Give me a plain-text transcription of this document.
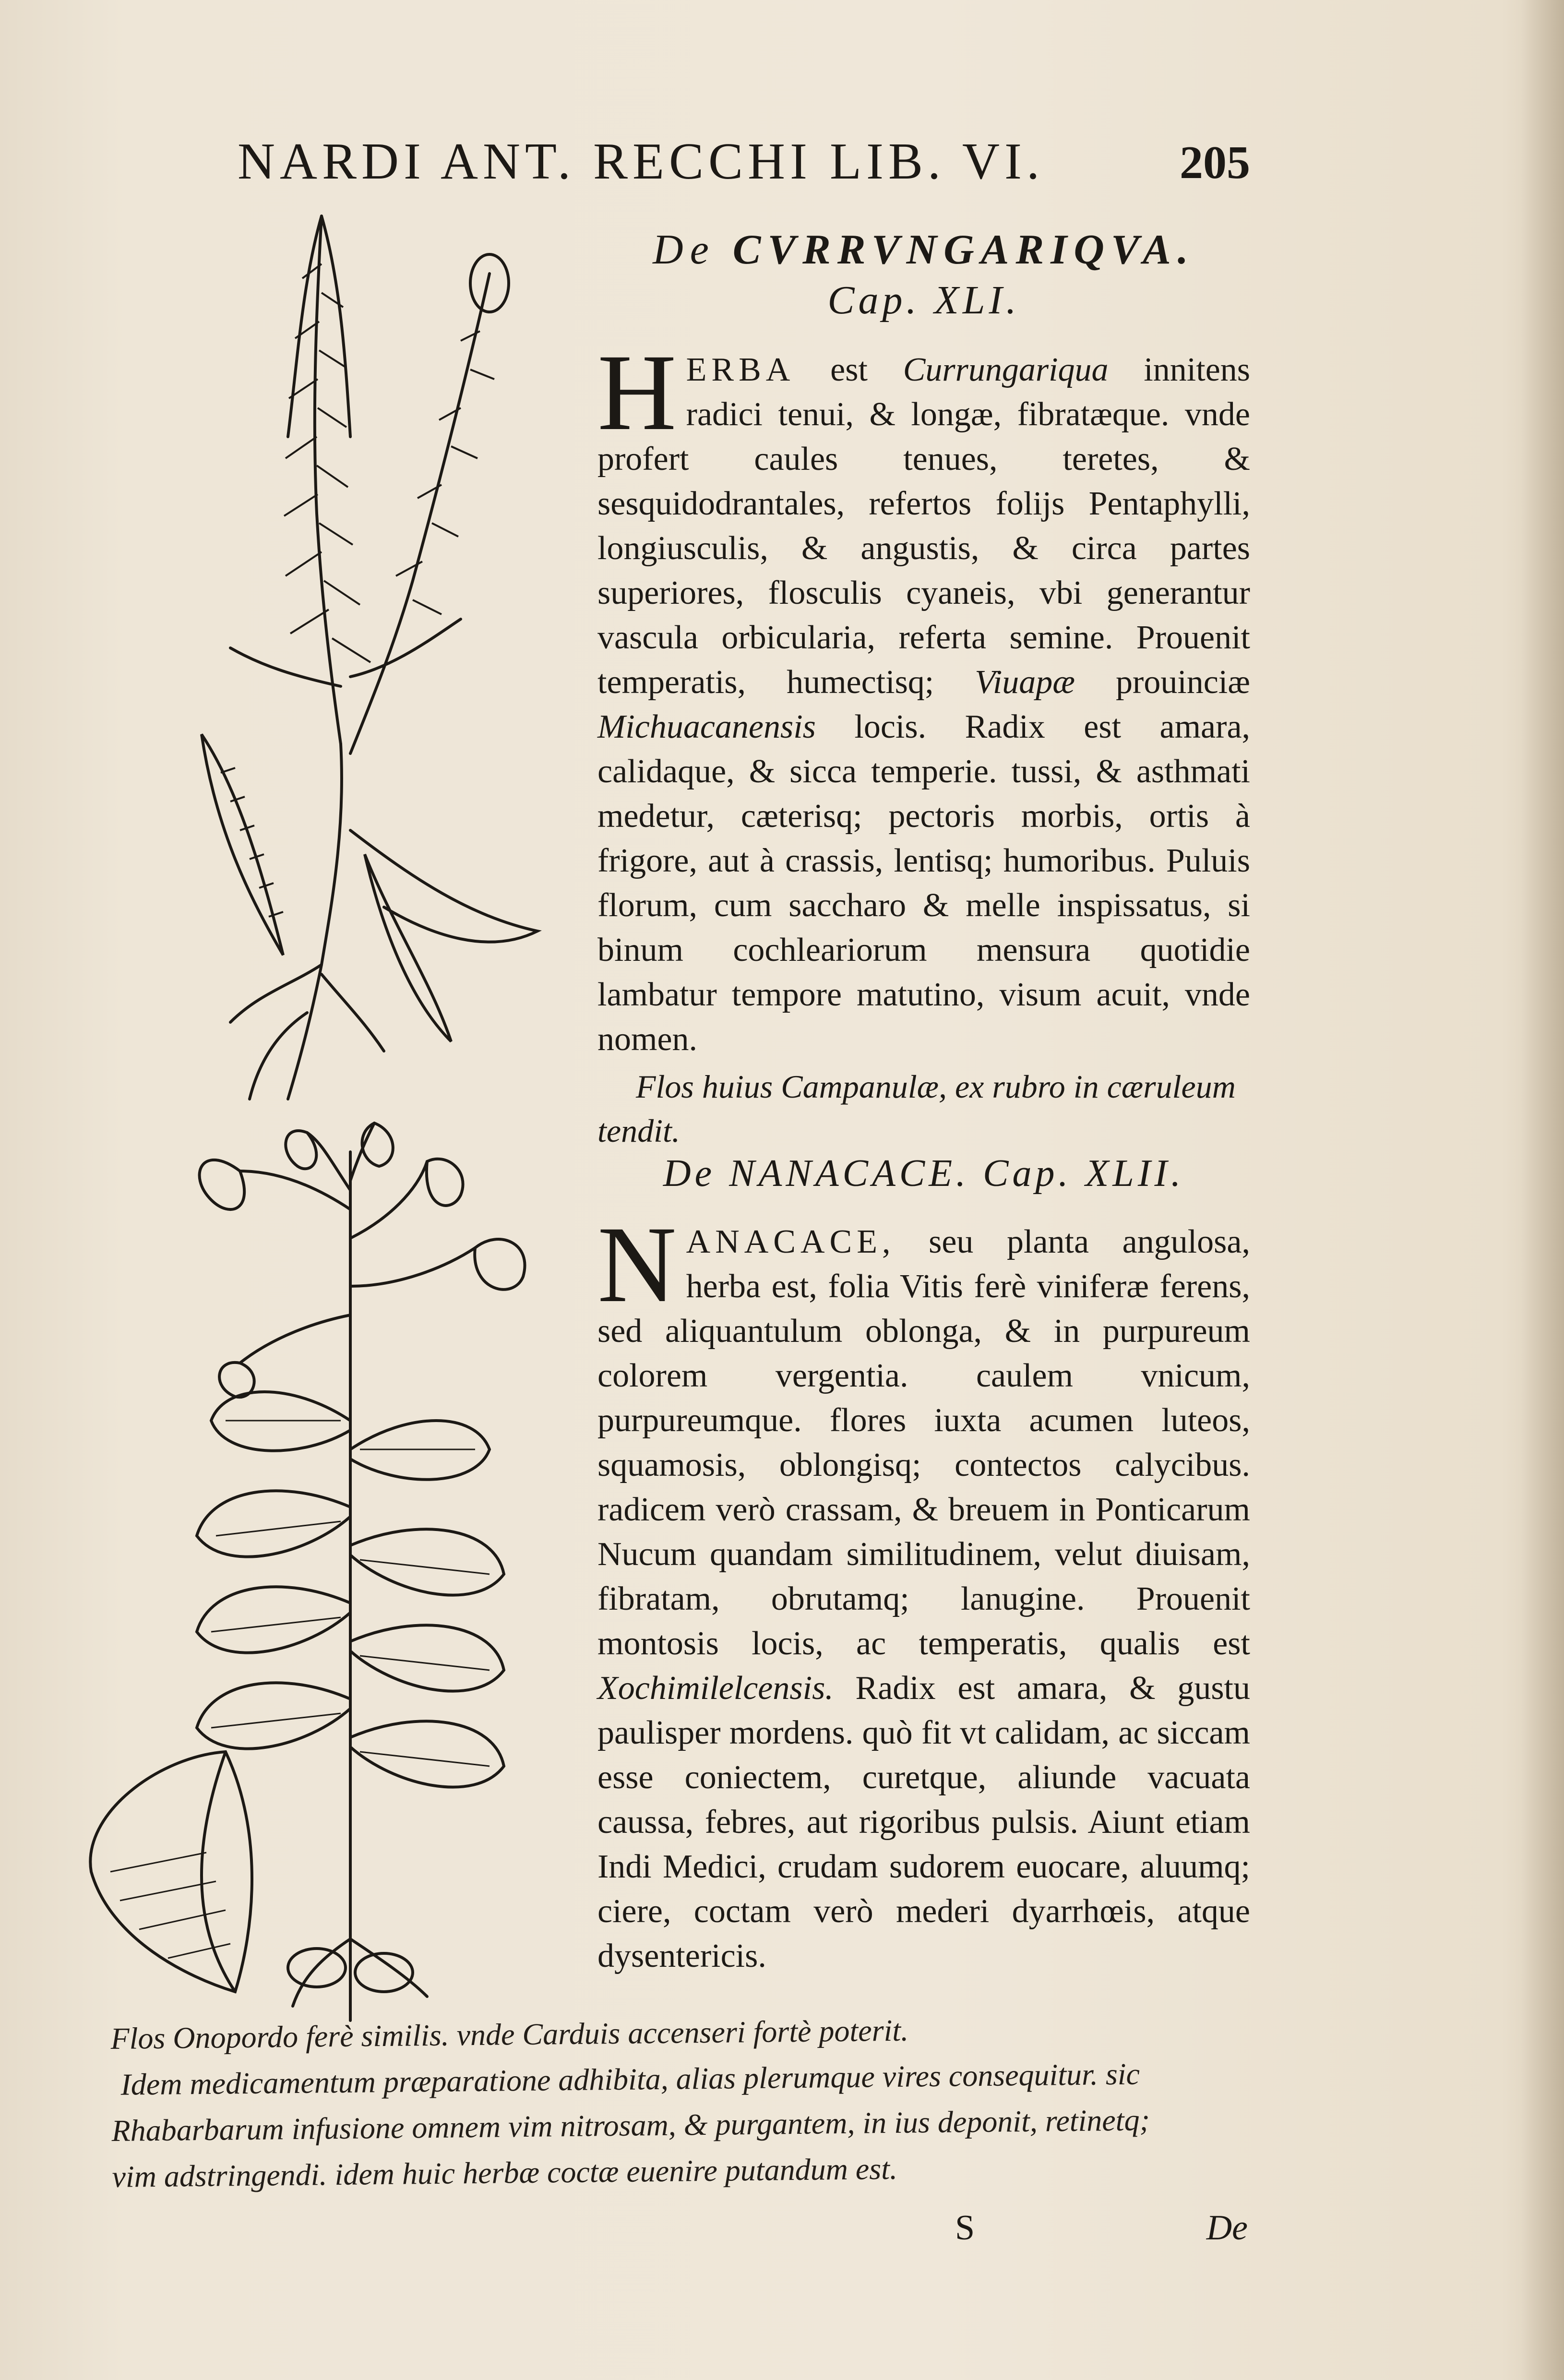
NARDI ANT. RECCHI LIB. VI.	205
De CVRRVNGARIQVA.
Cap. XLI.
H ERBA est Currungariqua innitens radici tenui, & longæ, fibratæque. vnde profert caules tenues, teretes, & sesquidodrantales, refertos folijs Pentaphylli, longiusculis, & angustis, & circa partes superiores, flosculis cyaneis, vbi generantur vascula orbicularia, referta semine. Prouenit temperatis, humectisq; Viuapæ prouinciæ Michuacanensis locis. Radix est amara, calidaque, & sicca temperie. tussi, & asthmati medetur, cæterisq; pectoris morbis, ortis à frigore, aut à crassis, lentisq; humoribus. Puluis florum, cum saccharo & melle inspissatus, si binum cochleariorum mensura quotidie lambatur tempore matutino, visum acuit, vnde nomen.
Flos huius Campanulæ, ex rubro in cæruleum tendit.
De NANACACE. Cap. XLII.
N ANACACE, seu planta angulosa, herba est, folia Vitis ferè viniferæ ferens, sed aliquantulum oblonga, & in purpureum colorem vergentia. caulem vnicum, purpureumque. flores iuxta acumen luteos, squamosis, oblongisq; contectos calycibus. radicem verò crassam, & breuem in Ponticarum Nucum quandam similitudinem, velut diuisam, fibratam, obrutamq; lanugine. Prouenit montosis locis, ac temperatis, qualis est Xochimilelcensis. Radix est amara, & gustu paulisper mordens. quò fit vt calidam, ac siccam esse coniectem, curetque, aliunde vacuata caussa, febres, aut rigoribus pulsis. Aiunt etiam Indi Medici, crudam sudorem euocare, aluumq; ciere, coctam verò mederi dyarrhœis, atque dysentericis.
Flos Onopordo ferè similis. vnde Carduis accenseri fortè poterit.
Idem medicamentum præparatione adhibita, alias plerumque vires consequitur. sic
Rhabarbarum infusione omnem vim nitrosam, & purgantem, in ius deponit, retinetq;
vim adstringendi. idem huic herbæ coctæ euenire putandum est.
S	De
